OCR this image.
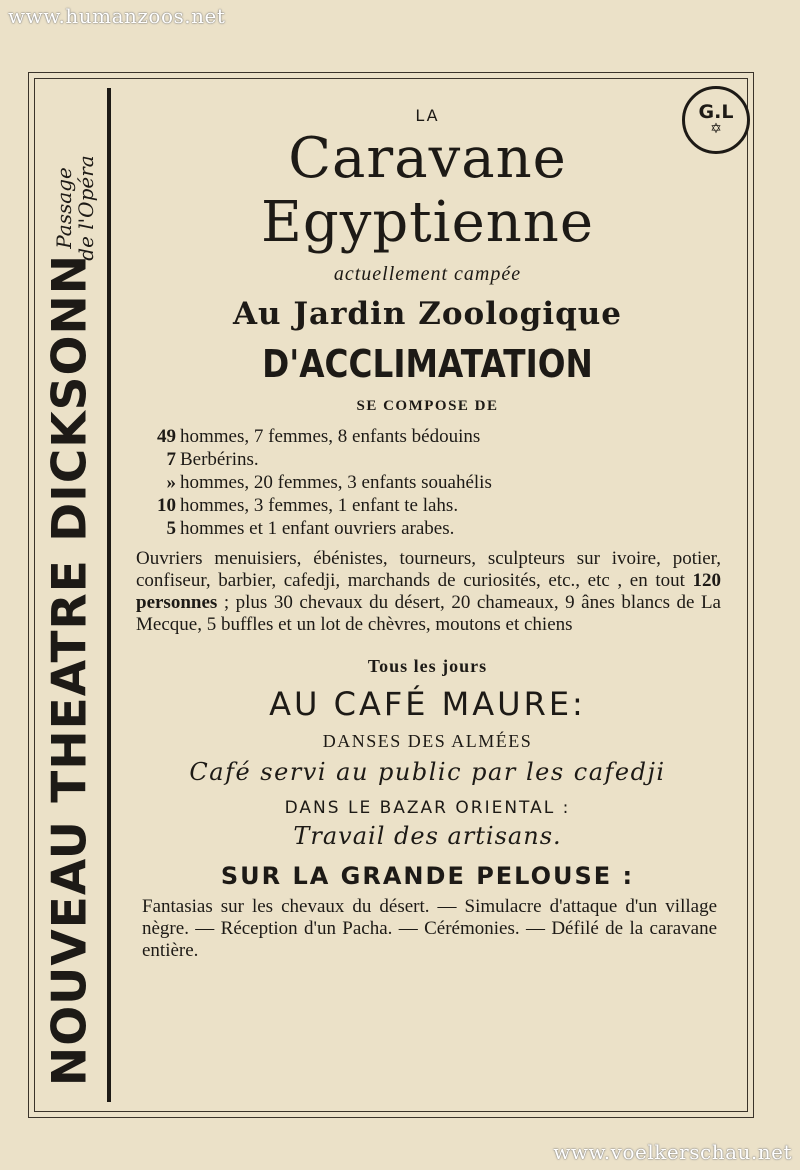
www.humanzoos.net
www.voelkerschau.net
NOUVEAU THEATRE DICKSONN
Passage
de l'Opéra
G.L
✡
LA
Caravane Egyptienne
actuellement campée
Au Jardin Zoologique
D'ACCLIMATATION
SE COMPOSE DE
49 hommes, 7 femmes, 8 enfants bédouins
7 Berbérins.
» hommes, 20 femmes, 3 enfants souahélis
10 hommes, 3 femmes, 1 enfant te lahs.
5 hommes et 1 enfant ouvriers arabes.
Ouvriers menuisiers, ébénistes, tourneurs, sculpteurs sur ivoire, potier, confiseur, barbier, cafedji, marchands de curiosités, etc., etc , en tout 120 personnes ; plus 30 chevaux du désert, 20 chameaux, 9 ânes blancs de La Mecque, 5 buffles et un lot de chèvres, moutons et chiens
Tous les jours
AU CAFÉ MAURE:
DANSES DES ALMÉES
Café servi au public par les cafedji
DANS LE BAZAR ORIENTAL :
Travail des artisans.
SUR LA GRANDE PELOUSE :
Fantasias sur les chevaux du désert. — Simulacre d'attaque d'un village nègre. — Réception d'un Pacha. — Cérémonies. — Défilé de la caravane entière.
